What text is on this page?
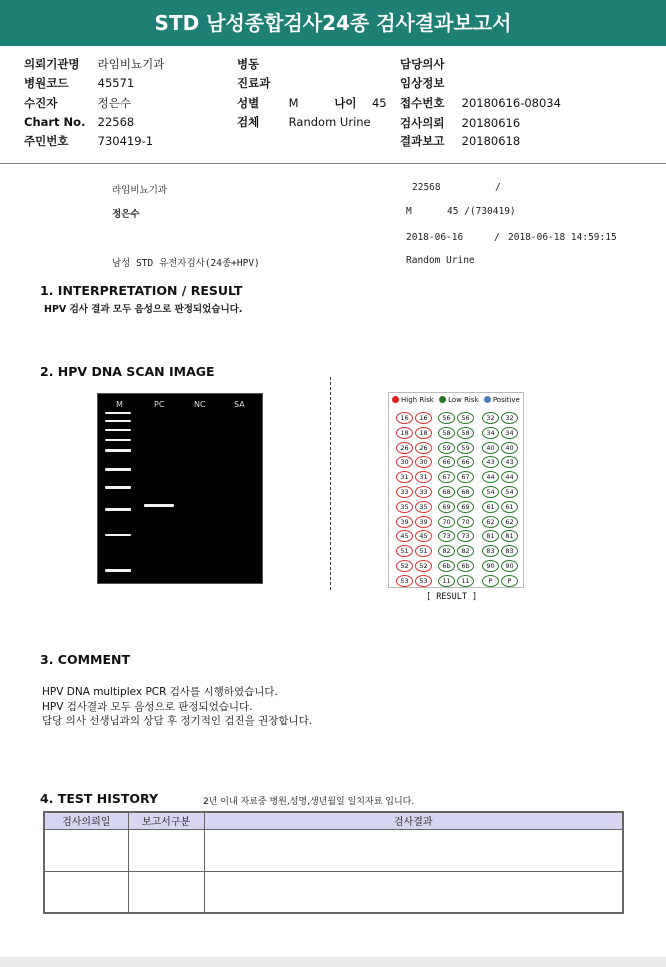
STD 남성종합검사24종 검사결과보고서
의뢰기관명 라임비뇨기과
병원코드	45571
수진자	정은수
Chart No. 22568
주민번호	730419-1
병동
진료과
성별	M	나이 45
검체	Random Urine
담당의사
임상정보
접수번호 20180616-08034
검사의뢰 20180616
결과보고 20180618
라임비뇨기과	22568	/
정은수	M	45 /(730419)
2018-06-16	/ 2018-06-18 14:59:15
남성 STD 유전자검사(24종+HPV)	Random Urine
1. INTERPRETATION / RESULT
HPV 검사 결과 모두 음성으로 판정되었습니다.
2. HPV DNA SCAN IMAGE
M	PC	NC	SA	High Risk Low Risk Positive
16	16	56	56	32	32
18	18	58	58	34	34
26	26	59	59	40	40
30	30	66	66	43	43
31	31	67	67	44	44
33	33	68	68	54	54
35	35	69	69	61	61
39	39	70	70	62	62
45	45	73	73	81	81
51	51	82	82	83	83
52	52	6b	6b	90	90
53	53	11	11	P	P
[ RESULT ]
3. COMMENT
HPV DNA multiplex PCR 검사를 시행하였습니다.
HPV 검사결과 모두 음성으로 판정되었습니다.
담당 의사 선생님과의 상담 후 정기적인 검진을 권장합니다.
4. TEST HISTORY	2년 이내 자료중 병원,성명,생년월일 일치자료 입니다.
검사의뢰일	보고서구분	검사결과
